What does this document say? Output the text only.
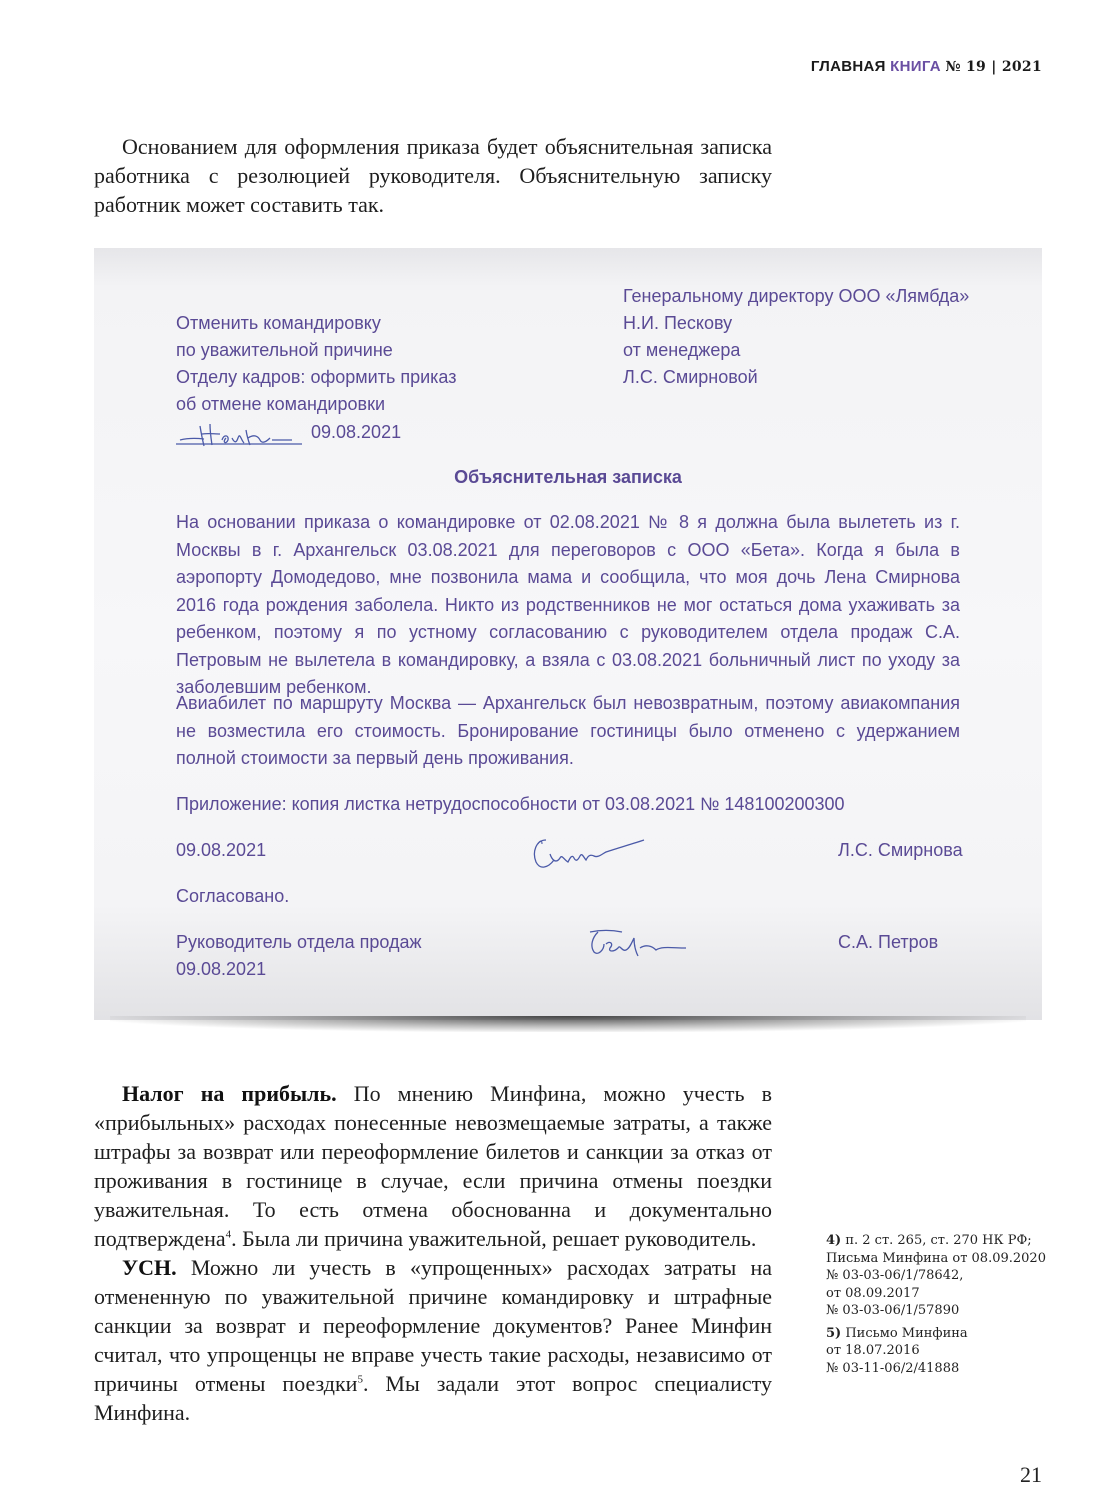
ГЛАВНАЯ КНИГА № 19 | 2021

Основанием для оформления приказа будет объяснительная записка работника с резолюцией руководителя. Объяснительную записку работник может составить так.

Генеральному директору ООО «Лямбда»
Н.И. Пескову
от менеджера
Л.С. Смирновой
Отменить командировку
по уважительной причине
Отделу кадров: оформить приказ
об отмене командировки
09.08.2021
Объяснительная записка

На основании приказа о командировке от 02.08.2021 № 8 я должна была вылететь из г. Москвы в г. Архангельск 03.08.2021 для переговоров с ООО «Бета». Когда я была в аэропорту Домодедово, мне позвонила мама и сообщила, что моя дочь Лена Смирнова 2016 года рождения заболела. Никто из родственников не мог остаться дома ухаживать за ребенком, поэтому я по устному согласованию с руководителем отдела продаж С.А. Петровым не вылетела в командировку, а взяла с 03.08.2021 больничный лист по уходу за заболевшим ребенком.

Авиабилет по маршруту Москва — Архангельск был невозвратным, поэтому авиакомпания не возместила его стоимость. Бронирование гостиницы было отменено с удержанием полной стоимости за первый день проживания.

Приложение: копия листка нетрудоспособности от 03.08.2021 № 148100200300

09.08.2021	Л.С. Смирнова
Согласовано.
Руководитель отдела продаж
09.08.2021
С.А. Петров

Налог на прибыль. По мнению Минфина, можно учесть в «прибыльных» расходах понесенные невозмещаемые затраты, а также штрафы за возврат или переоформление билетов и санкции за отказ от проживания в гостинице в случае, если причина отмены поездки уважительная. То есть отмена обоснованна и документально подтверждена$^4$. Была ли причина уважительной, решает руководитель.

УСН. Можно ли учесть в «упрощенных» расходах затраты на отмененную по уважительной причине командировку и штрафные санкции за возврат и переоформление документов? Ранее Минфин считал, что упрощенцы не вправе учесть такие расходы, независимо от причины отмены поездки$^5$. Мы задали этот вопрос специалисту Минфина.

4) п. 2 ст. 265, ст. 270 НК РФ;
Письма Минфина от 08.09.2020
№ 03-03-06/1/78642,
от 08.09.2017
№ 03-03-06/1/57890
5) Письмо Минфина
от 18.07.2016
№ 03-11-06/2/41888
21
